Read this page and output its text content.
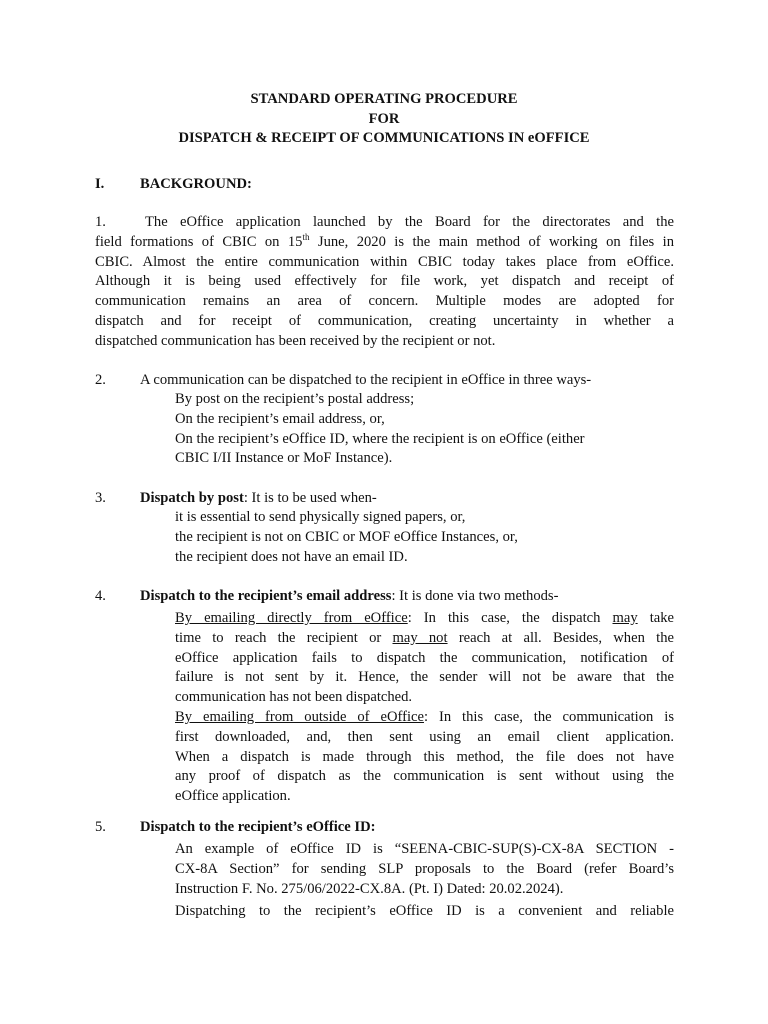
STANDARD OPERATING PROCEDURE
FOR
DISPATCH & RECEIPT OF COMMUNICATIONS IN eOFFICE
I. BACKGROUND:
1.	The eOffice application launched by the Board for the directorates and the
field formations of CBIC on 15th June, 2020 is the main method of working on files in
CBIC. Almost the entire communication within CBIC today takes place from eOffice.
Although it is being used effectively for file work, yet dispatch and receipt of
communication remains an area of concern. Multiple modes are adopted for
dispatch and for receipt of communication, creating uncertainty in whether a
dispatched communication has been received by the recipient or not.
2. A communication can be dispatched to the recipient in eOffice in three ways-
By post on the recipient’s postal address;
On the recipient’s email address, or,
On the recipient’s eOffice ID, where the recipient is on eOffice (either
CBIC I/II Instance or MoF Instance).
3. Dispatch by post: It is to be used when-
it is essential to send physically signed papers, or,
the recipient is not on CBIC or MOF eOffice Instances, or,
the recipient does not have an email ID.
4. Dispatch to the recipient’s email address: It is done via two methods-
By emailing directly from eOffice: In this case, the dispatch may take
time to reach the recipient or may not reach at all. Besides, when the
eOffice application fails to dispatch the communication, notification of
failure is not sent by it. Hence, the sender will not be aware that the
communication has not been dispatched.
By emailing from outside of eOffice: In this case, the communication is
first downloaded, and, then sent using an email client application.
When a dispatch is made through this method, the file does not have
any proof of dispatch as the communication is sent without using the
eOffice application.
5. Dispatch to the recipient’s eOffice ID:
An example of eOffice ID is “SEENA-CBIC-SUP(S)-CX-8A SECTION -
CX-8A Section” for sending SLP proposals to the Board (refer Board’s
Instruction F. No. 275/06/2022-CX.8A. (Pt. I) Dated: 20.02.2024).
Dispatching to the recipient’s eOffice ID is a convenient and reliable
